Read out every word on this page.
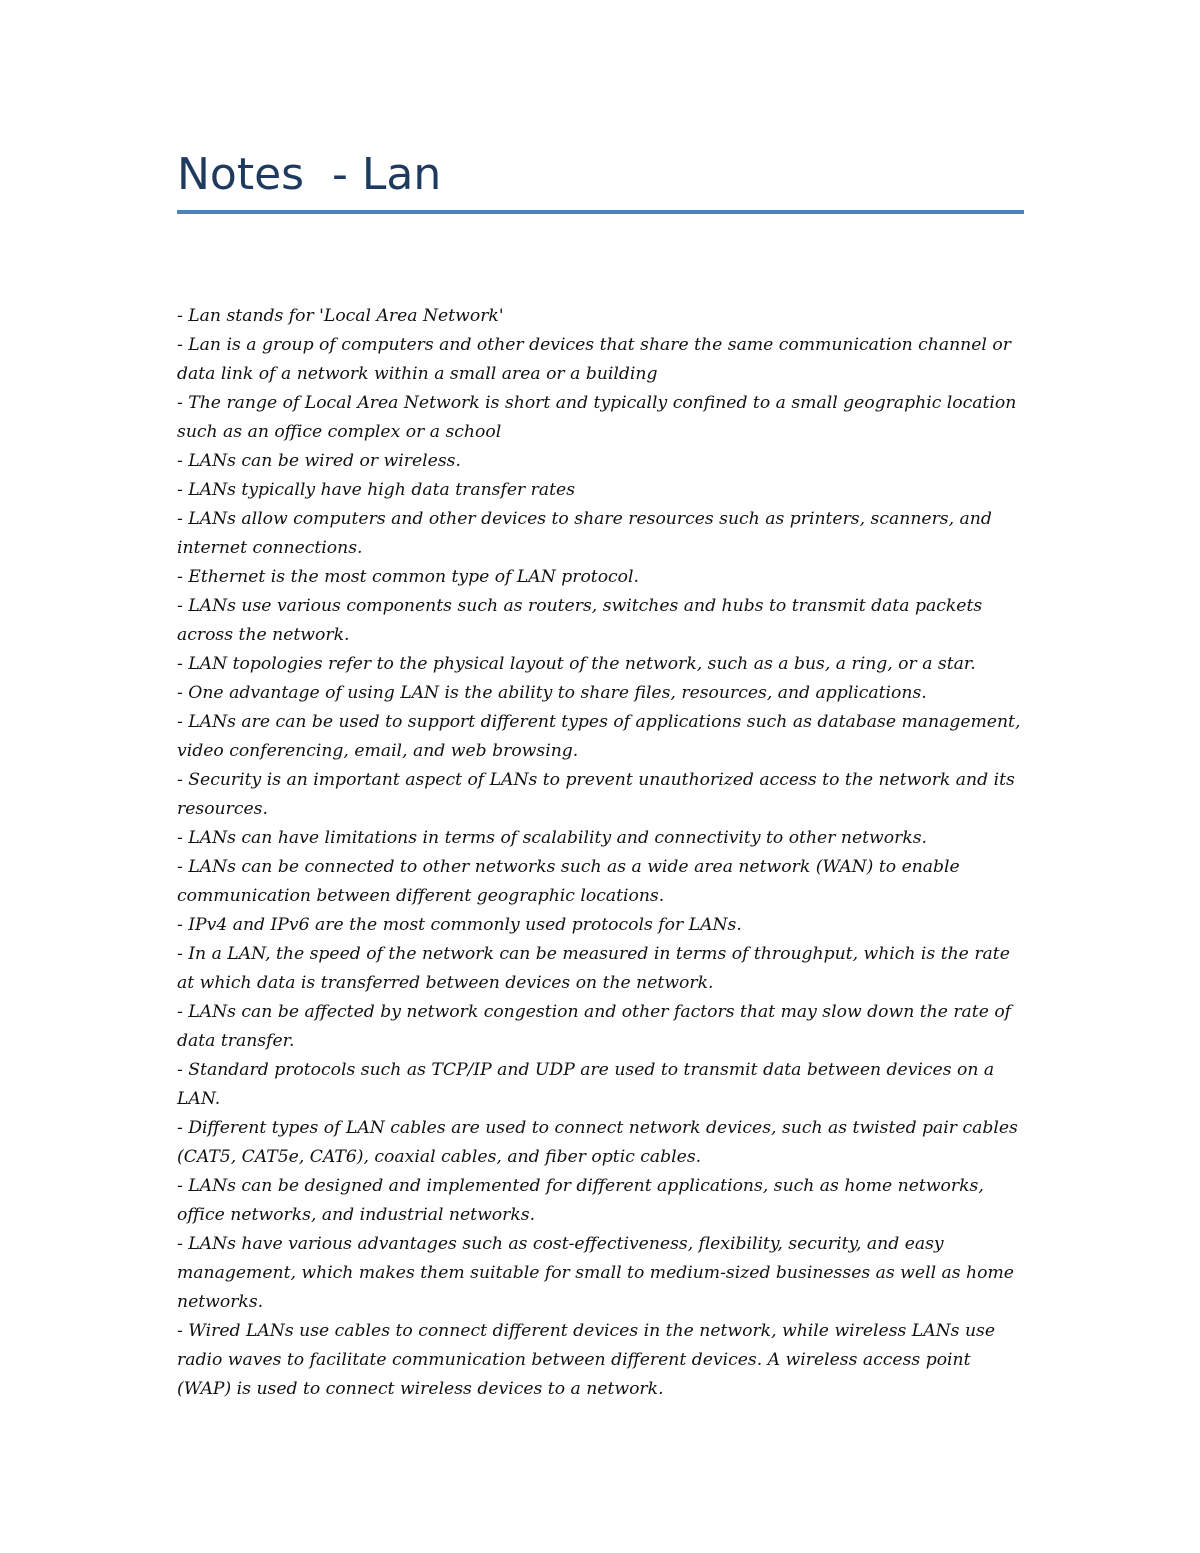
Notes  - Lan
- Lan stands for 'Local Area Network'
- Lan is a group of computers and other devices that share the same communication channel or data link of a network within a small area or a building
- The range of Local Area Network is short and typically confined to a small geographic location such as an office complex or a school
- LANs can be wired or wireless.
- LANs typically have high data transfer rates
- LANs allow computers and other devices to share resources such as printers, scanners, and internet connections.
- Ethernet is the most common type of LAN protocol.
- LANs use various components such as routers, switches and hubs to transmit data packets across the network.
- LAN topologies refer to the physical layout of the network, such as a bus, a ring, or a star.
- One advantage of using LAN is the ability to share files, resources, and applications.
- LANs are can be used to support different types of applications such as database management, video conferencing, email, and web browsing.
- Security is an important aspect of LANs to prevent unauthorized access to the network and its resources.
- LANs can have limitations in terms of scalability and connectivity to other networks.
- LANs can be connected to other networks such as a wide area network (WAN) to enable communication between different geographic locations.
- IPv4 and IPv6 are the most commonly used protocols for LANs.
- In a LAN, the speed of the network can be measured in terms of throughput, which is the rate at which data is transferred between devices on the network.
- LANs can be affected by network congestion and other factors that may slow down the rate of data transfer.
- Standard protocols such as TCP/IP and UDP are used to transmit data between devices on a LAN.
- Different types of LAN cables are used to connect network devices, such as twisted pair cables (CAT5, CAT5e, CAT6), coaxial cables, and fiber optic cables.
- LANs can be designed and implemented for different applications, such as home networks, office networks, and industrial networks.
- LANs have various advantages such as cost-effectiveness, flexibility, security, and easy management, which makes them suitable for small to medium-sized businesses as well as home networks.
- Wired LANs use cables to connect different devices in the network, while wireless LANs use radio waves to facilitate communication between different devices. A wireless access point (WAP) is used to connect wireless devices to a network.
